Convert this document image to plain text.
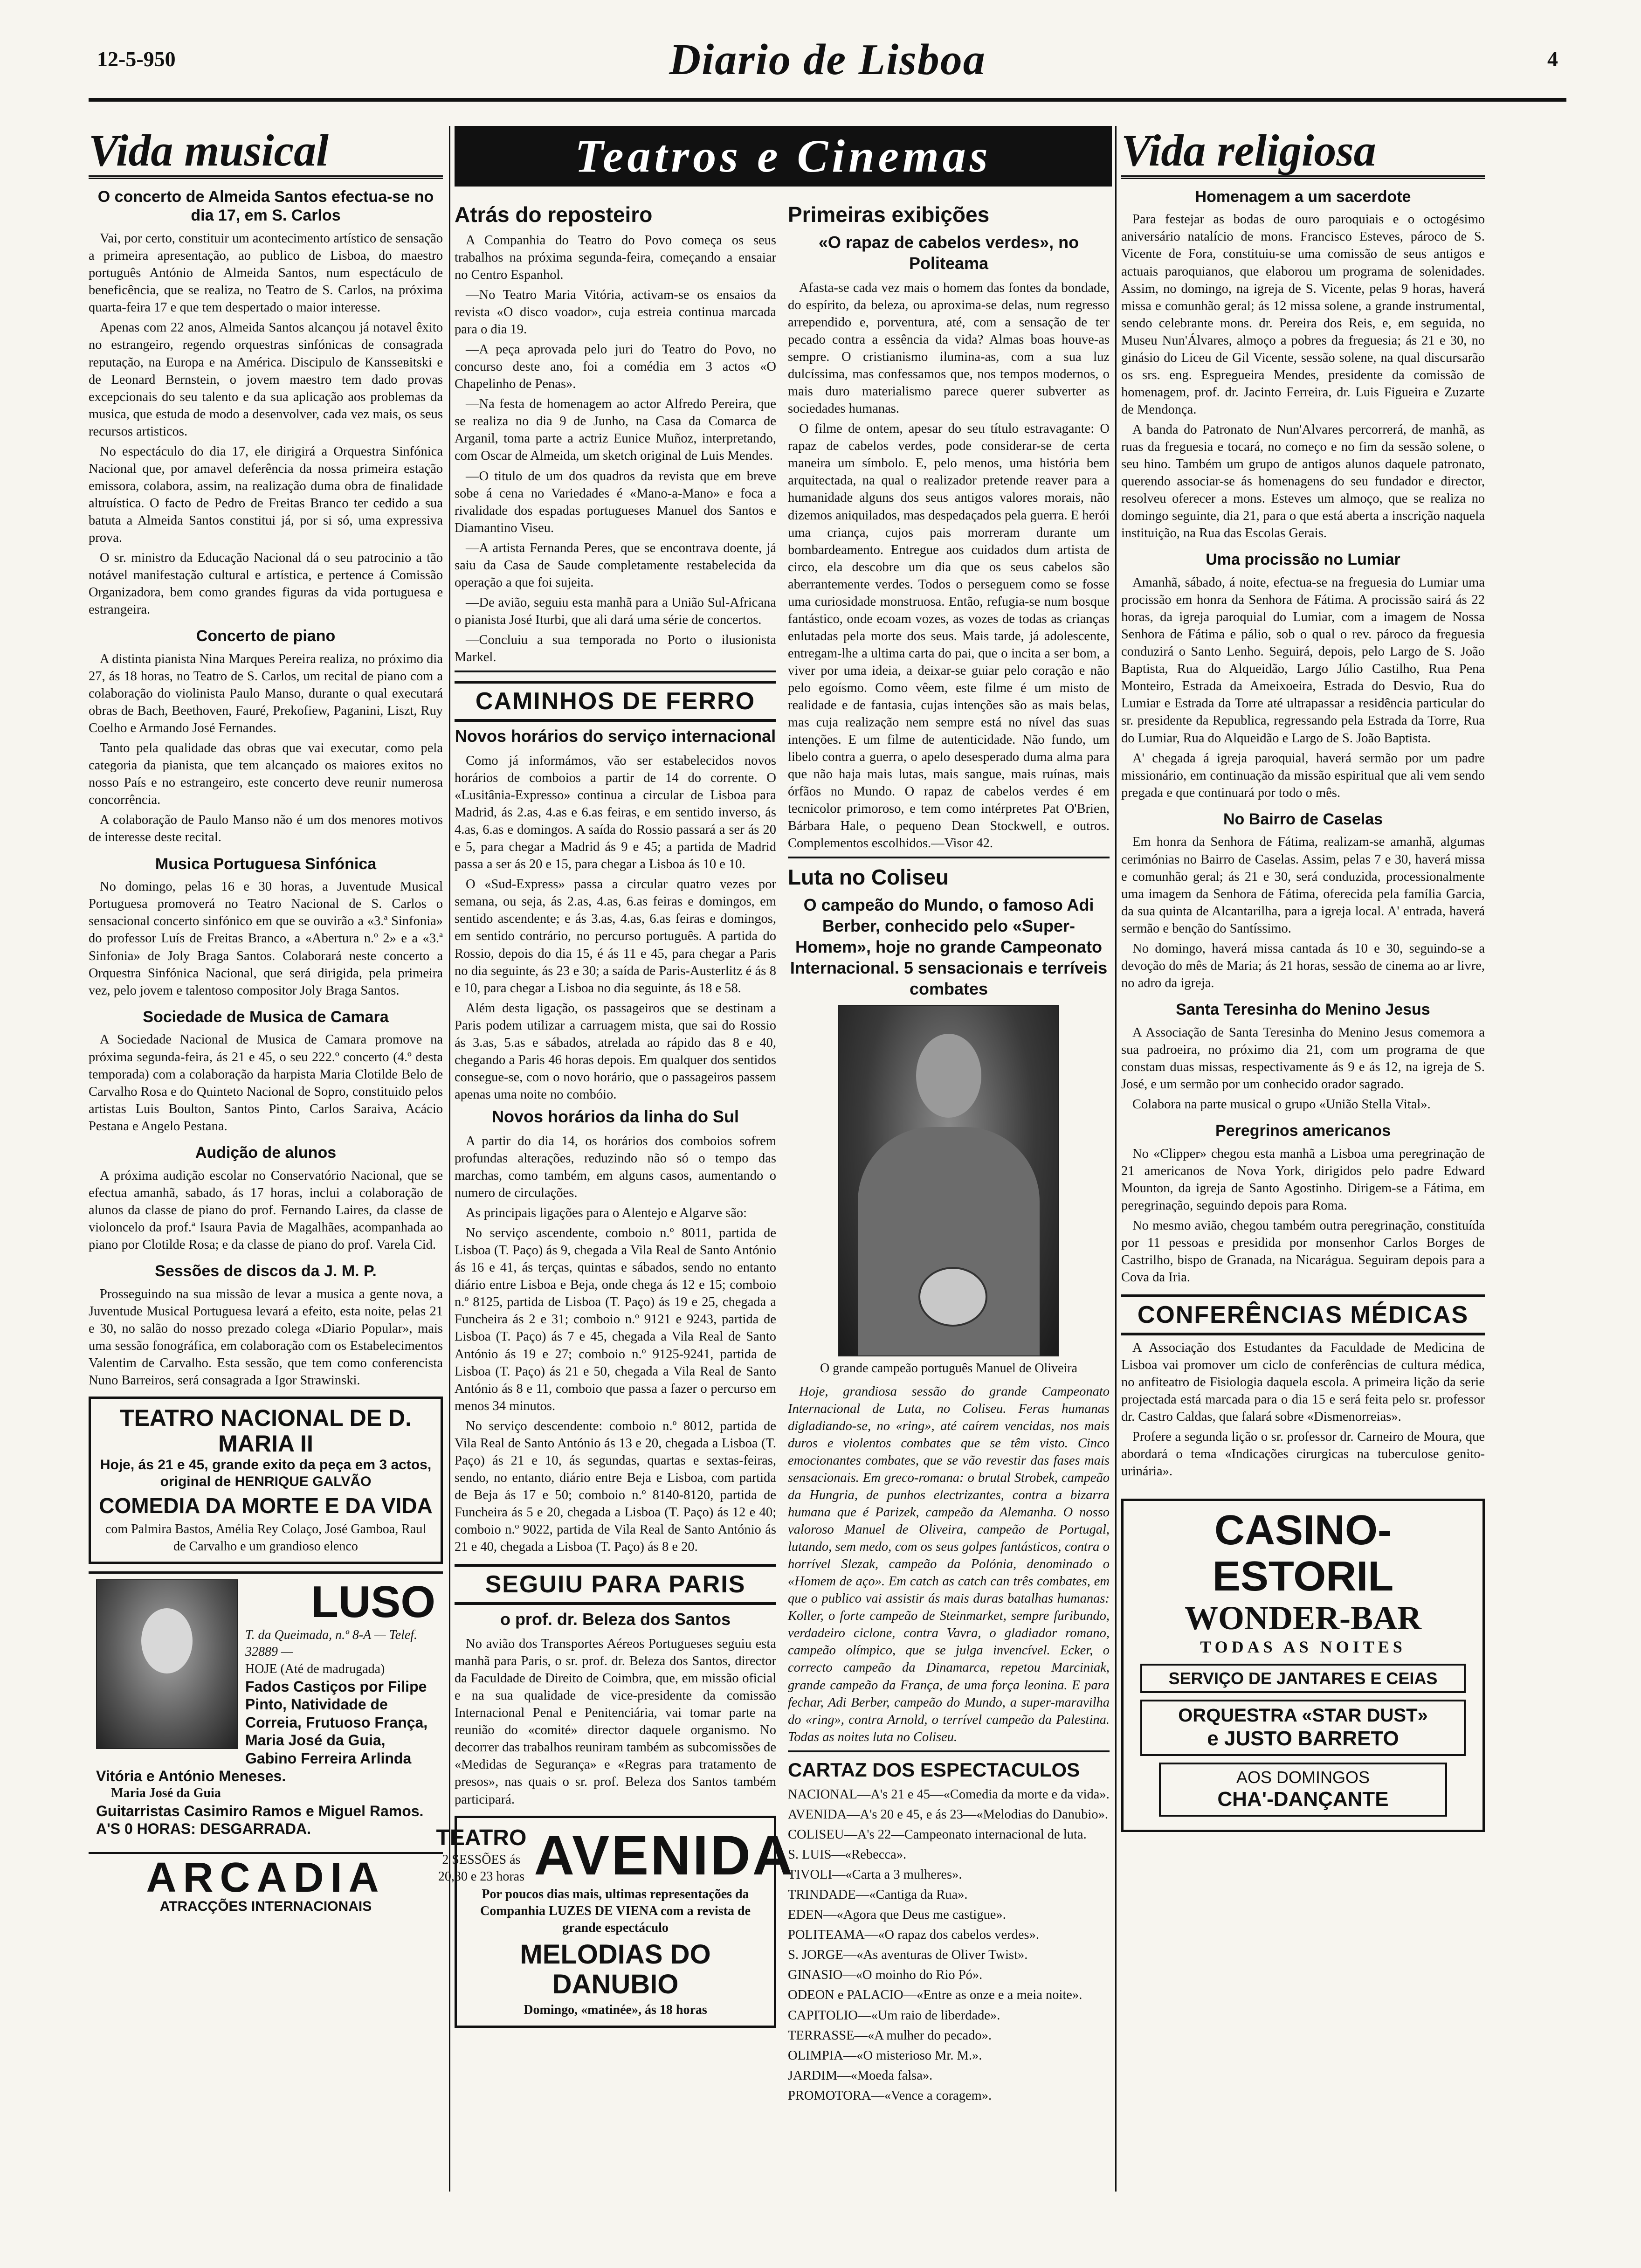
12-5-950	Diario de Lisboa	4
Vida musical
O concerto de Almeida Santos efectua-se no dia 17, em S. Carlos

Vai, por certo, constituir um acontecimento artístico de sensação a primeira apresentação, ao publico de Lisboa, do maestro português António de Almeida Santos, num espectáculo de beneficência, que se realiza, no Teatro de S. Carlos, na próxima quarta-feira 17 e que tem despertado o maior interesse.

Apenas com 22 anos, Almeida Santos alcançou já notavel êxito no estrangeiro, regendo orquestras sinfónicas de consagrada reputação, na Europa e na América. Discipulo de Kansseвitski e de Leonard Bernstein, o jovem maestro tem dado provas excepcionais do seu talento e da sua aplicação aos problemas da musica, que estuda de modo a desenvolver, cada vez mais, os seus recursos artisticos.

No espectáculo do dia 17, ele dirigirá a Orquestra Sinfónica Nacional que, por amavel deferência da nossa primeira estação emissora, colabora, assim, na realização duma obra de finalidade altruística. O facto de Pedro de Freitas Branco ter cedido a sua batuta a Almeida Santos constitui já, por si só, uma expressiva prova.

O sr. ministro da Educação Nacional dá o seu patrocinio a tão notável manifestação cultural e artística, e pertence á Comissão Organizadora, bem como grandes figuras da vida portuguesa e estrangeira.

Concerto de piano

A distinta pianista Nina Marques Pereira realiza, no próximo dia 27, ás 18 horas, no Teatro de S. Carlos, um recital de piano com a colaboração do violinista Paulo Manso, durante o qual executará obras de Bach, Beethoven, Fauré, Prekofiew, Paganini, Liszt, Ruy Coelho e Armando José Fernandes.

Tanto pela qualidade das obras que vai executar, como pela categoria da pianista, que tem alcançado os maiores exitos no nosso País e no estrangeiro, este concerto deve reunir numerosa concorrência.

A colaboração de Paulo Manso não é um dos menores motivos de interesse deste recital.

Musica Portuguesa Sinfónica

No domingo, pelas 16 e 30 horas, a Juventude Musical Portuguesa promoverá no Teatro Nacional de S. Carlos o sensacional concerto sinfónico em que se ouvirão a «3.ª Sinfonia» do professor Luís de Freitas Branco, a «Abertura n.º 2» e a «3.ª Sinfonia» de Joly Braga Santos. Colaborará neste concerto a Orquestra Sinfónica Nacional, que será dirigida, pela primeira vez, pelo jovem e talentoso compositor Joly Braga Santos.

Sociedade de Musica de Camara

A Sociedade Nacional de Musica de Camara promove na próxima segunda-feira, ás 21 e 45, o seu 222.º concerto (4.º desta temporada) com a colaboração da harpista Maria Clotilde Belo de Carvalho Rosa e do Quinteto Nacional de Sopro, constituido pelos artistas Luis Boulton, Santos Pinto, Carlos Saraiva, Acácio Pestana e Angelo Pestana.

Audição de alunos

A próxima audição escolar no Conservatório Nacional, que se efectua amanhã, sabado, ás 17 horas, inclui a colaboração de alunos da classe de piano do prof. Fernando Laires, da classe de violoncelo da prof.ª Isaura Pavia de Magalhães, acompanhada ao piano por Clotilde Rosa; e da classe de piano do prof. Varela Cid.

Sessões de discos da J. M. P.

Prosseguindo na sua missão de levar a musica a gente nova, a Juventude Musical Portuguesa levará a efeito, esta noite, pelas 21 e 30, no salão do nosso prezado colega «Diario Popular», mais uma sessão fonográfica, em colaboração com os Estabelecimentos Valentim de Carvalho. Esta sessão, que tem como conferencista Nuno Barreiros, será consagrada a Igor Strawinski.

TEATRO NACIONAL DE D. MARIA II
Hoje, ás 21 e 45, grande exito da peça em 3 actos, original de HENRIQUE GALVÃO
COMEDIA DA MORTE E DA VIDA
com Palmira Bastos, Amélia Rey Colaço, José Gamboa, Raul de Carvalho e um grandioso elenco
LUSO
T. da Queimada, n.º 8-A — Telef. 32889 —
HOJE (Até de madrugada)
Fados Castiços por Filipe Pinto, Natividade de Correia, Frutuoso França, Maria José da Guia, Gabino Ferreira Arlinda Vitória e António Meneses.
Maria José da Guia
Guitarristas Casimiro Ramos e Miguel Ramos.
A'S 0 HORAS: DESGARRADA.
ARCADIA
ATRACÇÕES INTERNACIONAIS
Teatros e Cinemas
Atrás do reposteiro

A Companhia do Teatro do Povo começa os seus trabalhos na próxima segunda-feira, começando a ensaiar no Centro Espanhol.

—No Teatro Maria Vitória, activam-se os ensaios da revista «O disco voador», cuja estreia continua marcada para o dia 19.

—A peça aprovada pelo juri do Teatro do Povo, no concurso deste ano, foi a comédia em 3 actos «O Chapelinho de Penas».

—Na festa de homenagem ao actor Alfredo Pereira, que se realiza no dia 9 de Junho, na Casa da Comarca de Arganil, toma parte a actriz Eunice Muñoz, interpretando, com Oscar de Almeida, um sketch original de Luis Mendes.

—O titulo de um dos quadros da revista que em breve sobe á cena no Variedades é «Mano-a-Mano» e foca a rivalidade dos espadas portugueses Manuel dos Santos e Diamantino Viseu.

—A artista Fernanda Peres, que se encontrava doente, já saiu da Casa de Saude completamente restabelecida da operação a que foi sujeita.

—De avião, seguiu esta manhã para a União Sul-Africana o pianista José Iturbi, que ali dará uma série de concertos.

—Concluiu a sua temporada no Porto o ilusionista Markel.

CAMINHOS DE FERRO
Novos horários do serviço internacional

Como já informámos, vão ser estabelecidos novos horários de comboios a partir de 14 do corrente. O «Lusitânia-Expresso» continua a circular de Lisboa para Madrid, ás 2.as, 4.as e 6.as feiras, e em sentido inverso, ás 4.as, 6.as e domingos. A saída do Rossio passará a ser ás 20 e 5, para chegar a Madrid ás 9 e 45; a partida de Madrid passa a ser ás 20 e 15, para chegar a Lisboa ás 10 e 10.

O «Sud-Express» passa a circular quatro vezes por semana, ou seja, ás 2.as, 4.as, 6.as feiras e domingos, em sentido ascendente; e ás 3.as, 4.as, 6.as feiras e domingos, em sentido contrário, no percurso português. A partida do Rossio, depois do dia 15, é ás 11 e 45, para chegar a Paris no dia seguinte, ás 23 e 30; a saída de Paris-Austerlitz é ás 8 e 10, para chegar a Lisboa no dia seguinte, ás 18 e 58.

Além desta ligação, os passageiros que se destinam a Paris podem utilizar a carruagem mista, que sai do Rossio ás 3.as, 5.as e sábados, atrelada ao rápido das 8 e 40, chegando a Paris 46 horas depois. Em qualquer dos sentidos consegue-se, com o novo horário, que o passageiros passem apenas uma noite no combóio.

Novos horários da linha do Sul

A partir do dia 14, os horários dos comboios sofrem profundas alterações, reduzindo não só o tempo das marchas, como também, em alguns casos, aumentando o numero de circulações.

As principais ligações para o Alentejo e Algarve são:

No serviço ascendente, comboio n.º 8011, partida de Lisboa (T. Paço) ás 9, chegada a Vila Real de Santo António ás 16 e 41, ás terças, quintas e sábados, sendo no entanto diário entre Lisboa e Beja, onde chega ás 12 e 15; comboio n.º 8125, partida de Lisboa (T. Paço) ás 19 e 25, chegada a Funcheira ás 2 e 31; comboio n.º 9121 e 9243, partida de Lisboa (T. Paço) ás 7 e 45, chegada a Vila Real de Santo António ás 19 e 27; comboio n.º 9125-9241, partida de Lisboa (T. Paço) ás 21 e 50, chegada a Vila Real de Santo António ás 8 e 11, comboio que passa a fazer o percurso em menos 34 minutos.

No serviço descendente: comboio n.º 8012, partida de Vila Real de Santo António ás 13 e 20, chegada a Lisboa (T. Paço) ás 21 e 10, ás segundas, quartas e sextas-feiras, sendo, no entanto, diário entre Beja e Lisboa, com partida de Beja ás 17 e 50; comboio n.º 8140-8120, partida de Funcheira ás 5 e 20, chegada a Lisboa (T. Paço) ás 12 e 40; comboio n.º 9022, partida de Vila Real de Santo António ás 21 e 40, chegada a Lisboa (T. Paço) ás 8 e 20.

SEGUIU PARA PARIS
o prof. dr. Beleza dos Santos

No avião dos Transportes Aéreos Portugueses seguiu esta manhã para Paris, o sr. prof. dr. Beleza dos Santos, director da Faculdade de Direito de Coimbra, que, em missão oficial e na sua qualidade de vice-presidente da comissão Internacional Penal e Penitenciária, vai tomar parte na reunião do «comité» director daquele organismo. No decorrer das trabalhos reuniram também as subcomissões de «Medidas de Segurança» e «Regras para tratamento de presos», nas quais o sr. prof. Beleza dos Santos também participará.

TEATRO
2 SESSÕES ás 20,30 e 23 horas AVENIDA
Por poucos dias mais, ultimas representações da Companhia LUZES DE VIENA com a revista de grande espectáculo
MELODIAS DO DANUBIO
Domingo, «matinée», ás 18 horas
Primeiras exibições
«O rapaz de cabelos verdes», no Politeama

Afasta-se cada vez mais o homem das fontes da bondade, do espírito, da beleza, ou aproxima-se delas, num regresso arrependido e, porventura, até, com a sensação de ter pecado contra a essência da vida? Almas boas houve-as sempre. O cristianismo ilumina-as, com a sua luz dulcíssima, mas confessamos que, nos tempos modernos, o mais duro materialismo parece querer subverter as sociedades humanas.

O filme de ontem, apesar do seu título estravagante: O rapaz de cabelos verdes, pode considerar-se de certa maneira um símbolo. E, pelo menos, uma história bem arquitectada, na qual o realizador pretende reaver para a humanidade alguns dos seus antigos valores morais, não dizemos aniquilados, mas despedaçados pela guerra. E herói uma criança, cujos pais morreram durante um bombardeamento. Entregue aos cuidados dum artista de circo, ela descobre um dia que os seus cabelos são aberrantemente verdes. Todos o perseguem como se fosse uma curiosidade monstruosa. Então, refugia-se num bosque fantástico, onde ecoam vozes, as vozes de todas as crianças enlutadas pela morte dos seus. Mais tarde, já adolescente, entregam-lhe a ultima carta do pai, que o incita a ser bom, a viver por uma ideia, a deixar-se guiar pelo coração e não pelo egoísmo. Como vêem, este filme é um misto de realidade e de fantasia, cujas intenções são as mais belas, mas cuja realização nem sempre está no nível das suas intenções. E um filme de autenticidade. Não fundo, um libelo contra a guerra, o apelo desesperado duma alma para que não haja mais lutas, mais sangue, mais ruínas, mais órfãos no Mundo. O rapaz de cabelos verdes é em tecnicolor primoroso, e tem como intérpretes Pat O'Brien, Bárbara Hale, o pequeno Dean Stockwell, e outros. Complementos escolhidos.—Visor 42.

Luta no Coliseu
O campeão do Mundo, o famoso Adi Berber, conhecido pelo «Super-Homem», hoje no grande Campeonato Internacional. 5 sensacionais e terríveis combates

O grande campeão português Manuel de Oliveira

Hoje, grandiosa sessão do grande Campeonato Internacional de Luta, no Coliseu. Feras humanas digladiando-se, no «ring», até caírem vencidas, nos mais duros e violentos combates que se têm visto. Cinco emocionantes combates, que se vão revestir das fases mais sensacionais. Em greco-romana: o brutal Strobek, campeão da Hungria, de punhos electrizantes, contra a bizarra humana que é Parizek, campeão da Alemanha. O nosso valoroso Manuel de Oliveira, campeão de Portugal, lutando, sem medo, com os seus golpes fantásticos, contra o horrível Slezak, campeão da Polónia, denominado o «Homem de aço». Em catch as catch can três combates, em que o publico vai assistir ás mais duras batalhas humanas: Koller, o forte campeão de Steinmarket, sempre furibundo, verdadeiro ciclone, contra Vavra, o gladiador romano, campeão olímpico, que se julga invencível. Ecker, o correcto campeão da Dinamarca, repetou Marciniak, grande campeão da França, de uma força leonina. E para fechar, Adi Berber, campeão do Mundo, a super-maravilha do «ring», contra Arnold, o terrível campeão da Palestina. Todas as noites luta no Coliseu.

CARTAZ DOS ESPECTACULOS

NACIONAL—A's 21 e 45—«Comedia da morte e da vida».

AVENIDA—A's 20 e 45, e ás 23—«Melodias do Danubio».

COLISEU—A's 22—Campeonato internacional de luta.

S. LUIS—«Rebecca».

TIVOLI—«Carta a 3 mulheres».

TRINDADE—«Cantiga da Rua».

EDEN—«Agora que Deus me castigue».

POLITEAMA—«O rapaz dos cabelos verdes».

S. JORGE—«As aventuras de Oliver Twist».

GINASIO—«O moinho do Rio Pó».

ODEON e PALACIO—«Entre as onze e a meia noite».

CAPITOLIO—«Um raio de liberdade».

TERRASSE—«A mulher do pecado».

OLIMPIA—«O misterioso Mr. M.».

JARDIM—«Moeda falsa».

PROMOTORA—«Vence a coragem».

Vida religiosa
Homenagem a um sacerdote

Para festejar as bodas de ouro paroquiais e o octogésimo aniversário natalício de mons. Francisco Esteves, pároco de S. Vicente de Fora, constituiu-se uma comissão de seus antigos e actuais paroquianos, que elaborou um programa de solenidades. Assim, no domingo, na igreja de S. Vicente, pelas 9 horas, haverá missa e comunhão geral; ás 12 missa solene, a grande instrumental, sendo celebrante mons. dr. Pereira dos Reis, e, em seguida, no Museu Nun'Álvares, almoço a pobres da freguesia; ás 21 e 30, no ginásio do Liceu de Gil Vicente, sessão solene, na qual discursarão os srs. eng. Espregueira Mendes, presidente da comissão de homenagem, prof. dr. Jacinto Ferreira, dr. Luis Figueira e Zuzarte de Mendonça.

A banda do Patronato de Nun'Alvares percorrerá, de manhã, as ruas da freguesia e tocará, no começo e no fim da sessão solene, o seu hino. Também um grupo de antigos alunos daquele patronato, querendo associar-se ás homenagens do seu fundador e director, resolveu oferecer a mons. Esteves um almoço, que se realiza no domingo seguinte, dia 21, para o que está aberta a inscrição naquela instituição, na Rua das Escolas Gerais.

Uma procissão no Lumiar

Amanhã, sábado, á noite, efectua-se na freguesia do Lumiar uma procissão em honra da Senhora de Fátima. A procissão sairá ás 22 horas, da igreja paroquial do Lumiar, com a imagem de Nossa Senhora de Fátima e pálio, sob o qual o rev. pároco da freguesia conduzirá o Santo Lenho. Seguirá, depois, pelo Largo de S. João Baptista, Rua do Alqueidão, Largo Júlio Castilho, Rua Pena Monteiro, Estrada da Ameixoeira, Estrada do Desvio, Rua do Lumiar e Estrada da Torre até ultrapassar a residência particular do sr. presidente da Republica, regressando pela Estrada da Torre, Rua do Lumiar, Rua do Alqueidão e Largo de S. João Baptista.

A' chegada á igreja paroquial, haverá sermão por um padre missionário, em continuação da missão espiritual que ali vem sendo pregada e que continuará por todo o mês.

No Bairro de Caselas

Em honra da Senhora de Fátima, realizam-se amanhã, algumas cerimónias no Bairro de Caselas. Assim, pelas 7 e 30, haverá missa e comunhão geral; ás 21 e 30, será conduzida, processionalmente uma imagem da Senhora de Fátima, oferecida pela família Garcia, da sua quinta de Alcantarilha, para a igreja local. A' entrada, haverá sermão e benção do Santíssimo.

No domingo, haverá missa cantada ás 10 e 30, seguindo-se a devoção do mês de Maria; ás 21 horas, sessão de cinema ao ar livre, no adro da igreja.

Santa Teresinha do Menino Jesus

A Associação de Santa Teresinha do Menino Jesus comemora a sua padroeira, no próximo dia 21, com um programa de que constam duas missas, respectivamente ás 9 e ás 12, na igreja de S. José, e um sermão por um conhecido orador sagrado.

Colabora na parte musical o grupo «União Stella Vital».

Peregrinos americanos

No «Clipper» chegou esta manhã a Lisboa uma peregrinação de 21 americanos de Nova York, dirigidos pelo padre Edward Mounton, da igreja de Santo Agostinho. Dirigem-se a Fátima, em peregrinação, seguindo depois para Roma.

No mesmo avião, chegou também outra peregrinação, constituída por 11 pessoas e presidida por monsenhor Carlos Borges de Castrilho, bispo de Granada, na Nicarágua. Seguiram depois para a Cova da Iria.

CONFERÊNCIAS MÉDICAS

A Associação dos Estudantes da Faculdade de Medicina de Lisboa vai promover um ciclo de conferências de cultura médica, no anfiteatro de Fisiologia daquela escola. A primeira lição da serie projectada está marcada para o dia 15 e será feita pelo sr. professor dr. Castro Caldas, que falará sobre «Dismenorreias».

Profere a segunda lição o sr. professor dr. Carneiro de Moura, que abordará o tema «Indicações cirurgicas na tuberculose genito-urinária».

CASINO-ESTORIL
WONDER-BAR
TODAS AS NOITES
SERVIÇO DE JANTARES E CEIAS
ORQUESTRA «STAR DUST»
e JUSTO BARRETO
AOS DOMINGOS
CHA'-DANÇANTE
